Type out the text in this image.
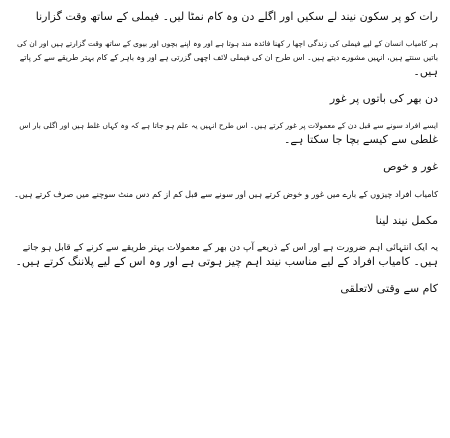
رات کو پر سکون نیند لے سکیں اور اگلے دن وہ کام نمٹا لیں۔ فیملی کے ساتھ وقت گزارنا
ہر کامیاب انسان کے لیے فیملی کی زندگی اچھا ر کھنا فائدہ مند ہوتا ہے اور وہ اپنے بچوں اور بیوی کے ساتھ وقت گزارتے ہیں اور ان کی
باتیں سنتے ہیں، انہیں مشورے دیتے ہیں۔ اس طرح ان کی فیملی لائف اچھی گزرتی ہے اور وہ باہر کے کام بہتر طریقے سے کر پاتے
ہیں۔
دن بھر کی باتوں پر غور
ایسے افراد سونے سے قبل دن کے معمولات پر غور کرتے ہیں۔ اس طرح انہیں یہ علم ہو جاتا ہے کہ وہ کہاں غلط ہیں اور اگلی بار اس
غلطی سے کیسے بچا جا سکتا ہے۔
غور و خوص
کامیاب افراد چیزوں کے بارے میں غور و خوض کرتے ہیں اور سونے سے قبل کم از کم دس منٹ سوچنے میں صرف کرتے ہیں۔
مکمل نیند لینا
یہ ایک انتہائی اہم ضرورت ہے اور اس کے ذریعے آپ دن بھر کے معمولات بہتر طریقے سے کرنے کے قابل ہو جاتے
ہیں۔ کامیاب افراد کے لیے مناسب نیند اہم چیز ہوتی ہے اور وہ اس کے لیے پلاننگ کرتے ہیں۔
کام سے وقتی لاتعلقی
